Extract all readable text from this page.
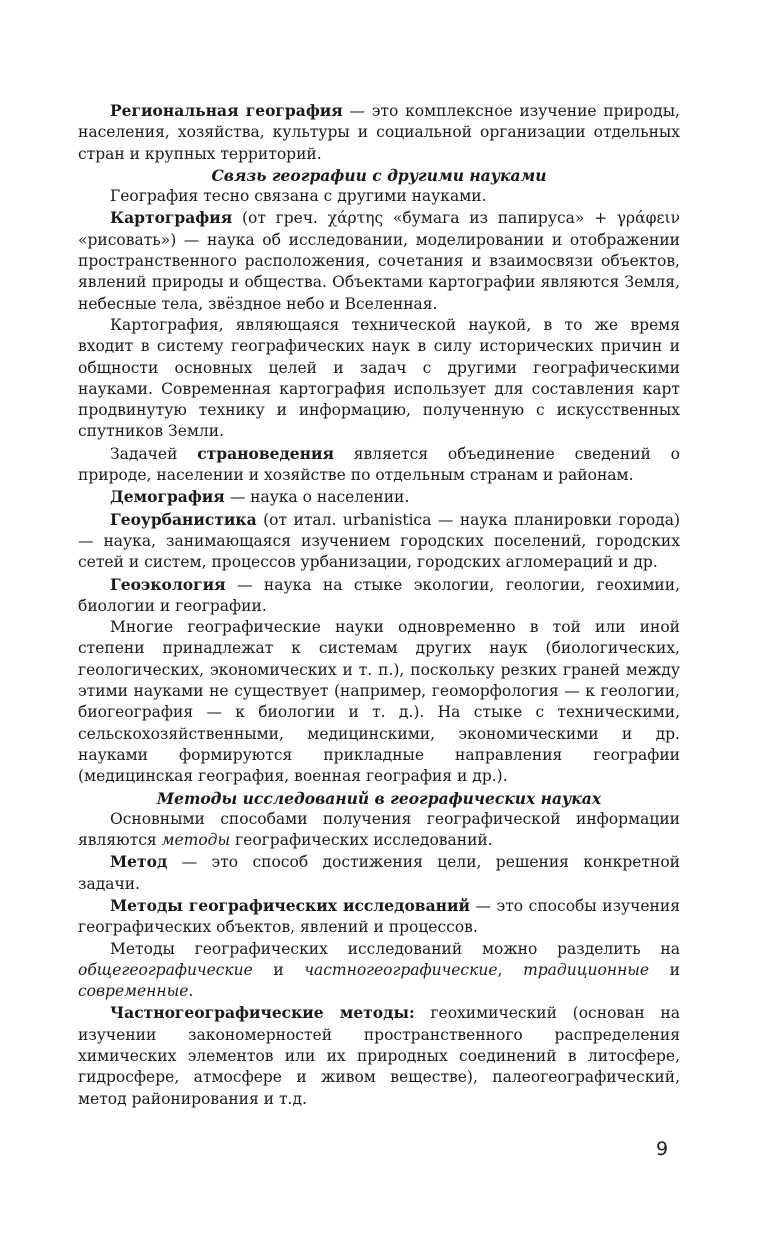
Региональная география — это комплексное изучение природы, населения, хозяйства, культуры и социальной организации отдельных стран и крупных территорий.

Связь географии с другими науками

География тесно связана с другими науками.

Картография (от греч. χάρτης «бумага из папируса» + γράφειν «рисовать») — наука об исследовании, моделировании и отображении пространственного расположения, сочетания и взаимосвязи объектов, явлений природы и общества. Объектами картографии являются Земля, небесные тела, звёздное небо и Вселенная.

Картография, являющаяся технической наукой, в то же время входит в систему географических наук в силу исторических причин и общности основных целей и задач с другими географическими науками. Современная картография использует для составления карт продвинутую технику и информацию, полученную с искусственных спутников Земли.

Задачей страноведения является объединение сведений о природе, населении и хозяйстве по отдельным странам и районам.

Демография — наука о населении.

Геоурбанистика (от итал. urbanistica — наука планировки города) — наука, занимающаяся изучением городских поселений, городских сетей и систем, процессов урбанизации, городских агломераций и др.

Геоэкология — наука на стыке экологии, геологии, геохимии, биологии и географии.

Многие географические науки одновременно в той или иной степени принадлежат к системам других наук (биологических, геологических, экономических и т. п.), поскольку резких граней между этими науками не существует (например, геоморфология — к геологии, биогеография — к биологии и т. д.). На стыке с техническими, сельскохозяйственными, медицинскими, экономическими и др. науками формируются прикладные направления географии (медицинская география, военная география и др.).

Методы исследований в географических науках

Основными способами получения географической информации являются методы географических исследований.

Метод — это способ достижения цели, решения конкретной задачи.

Методы географических исследований — это способы изучения географических объектов, явлений и процессов.

Методы географических исследований можно разделить на общегеографические и частногеографические, традиционные и современные.

Частногеографические методы: геохимический (основан на изучении закономерностей пространственного распределения химических элементов или их природных соединений в литосфере, гидросфере, атмосфере и живом веществе), палеогеографический, метод районирования и т.д.

9
